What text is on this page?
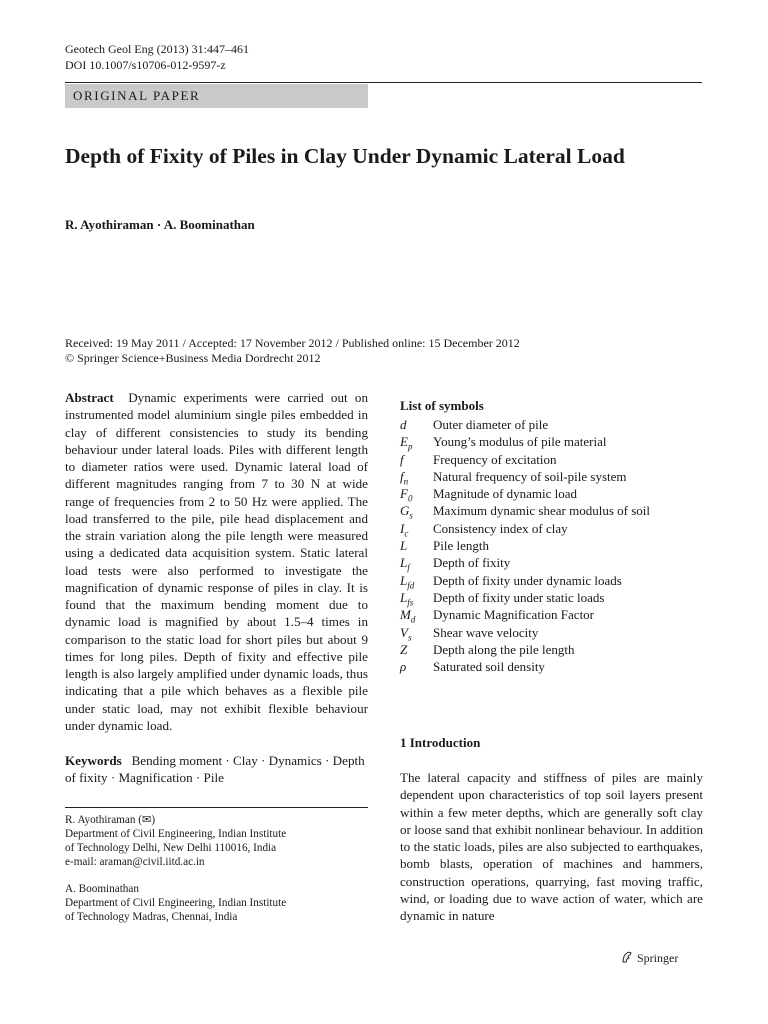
Geotech Geol Eng (2013) 31:447–461
DOI 10.1007/s10706-012-9597-z
ORIGINAL PAPER
Depth of Fixity of Piles in Clay Under Dynamic Lateral Load
R. Ayothiraman · A. Boominathan
Received: 19 May 2011 / Accepted: 17 November 2012 / Published online: 15 December 2012
© Springer Science+Business Media Dordrecht 2012
Abstract Dynamic experiments were carried out on instrumented model aluminium single piles embedded in clay of different consistencies to study its bending behaviour under lateral loads. Piles with different length to diameter ratios were used. Dynamic lateral load of different magnitudes ranging from 7 to 30 N at wide range of frequencies from 2 to 50 Hz were applied. The load transferred to the pile, pile head displacement and the strain variation along the pile length were measured using a dedicated data acquisition system. Static lateral load tests were also performed to investigate the magnification of dynamic response of piles in clay. It is found that the maximum bending moment due to dynamic load is magnified by about 1.5–4 times in comparison to the static load for short piles but about 9 times for long piles. Depth of fixity and effective pile length is also largely amplified under dynamic loads, thus indicating that a pile which behaves as a flexible pile under static load, may not exhibit flexible behaviour under dynamic load.
Keywords Bending moment · Clay · Dynamics · Depth of fixity · Magnification · Pile
R. Ayothiraman (✉)
Department of Civil Engineering, Indian Institute
of Technology Delhi, New Delhi 110016, India
e-mail: araman@civil.iitd.ac.in
A. Boominathan
Department of Civil Engineering, Indian Institute
of Technology Madras, Chennai, India
List of symbols
d Outer diameter of pile
$E_p$ Young’s modulus of pile material
f Frequency of excitation
$f_n$ Natural frequency of soil-pile system
$F_0$ Magnitude of dynamic load
$G_s$ Maximum dynamic shear modulus of soil
$I_c$ Consistency index of clay
L Pile length
$L_f$ Depth of fixity
$L_{fd}$ Depth of fixity under dynamic loads
$L_{fs}$ Depth of fixity under static loads
$M_d$ Dynamic Magnification Factor
$V_s$ Shear wave velocity
Z Depth along the pile length
ρ Saturated soil density
1 Introduction
The lateral capacity and stiffness of piles are mainly dependent upon characteristics of top soil layers present within a few meter depths, which are generally soft clay or loose sand that exhibit nonlinear behaviour. In addition to the static loads, piles are also subjected to earthquakes, bomb blasts, operation of machines and hammers, construction operations, quarrying, fast moving traffic, wind, or loading due to wave action of water, which are dynamic in nature
Springer
